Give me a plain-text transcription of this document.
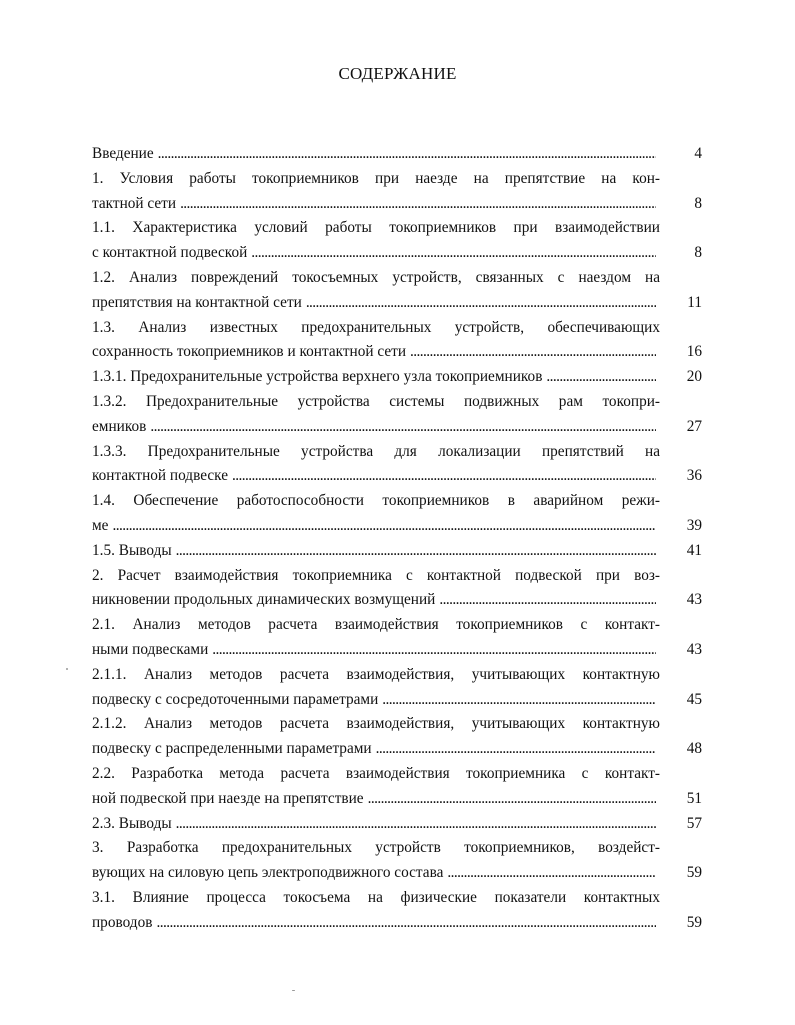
СОДЕРЖАНИЕ
Введение . . .	4
1. Условия работы токоприемников при наезде на препятствие на кон-
тактной сети . . .	8
1.1. Характеристика условий работы токоприемников при взаимодействии
с контактной подвеской . . .	8
1.2. Анализ повреждений токосъемных устройств, связанных с наездом на
препятствия на контактной сети . . .	11
1.3. Анализ известных предохранительных устройств, обеспечивающих
сохранность токоприемников и контактной сети . . .	16
1.3.1. Предохранительные устройства верхнего узла токоприемников . . .	20
1.3.2. Предохранительные устройства системы подвижных рам токопри-
емников . . .	27
1.3.3. Предохранительные устройства для локализации препятствий на
контактной подвеске . . .	36
1.4. Обеспечение работоспособности токоприемников в аварийном режи-
ме . . .	39
1.5. Выводы . . .	41
2. Расчет взаимодействия токоприемника с контактной подвеской при воз-
никновении продольных динамических возмущений . . .	43
2.1. Анализ методов расчета взаимодействия токоприемников с контакт-
ными подвесками . . .	43
2.1.1. Анализ методов расчета взаимодействия, учитывающих контактную
подвеску с сосредоточенными параметрами . . .	45
2.1.2. Анализ методов расчета взаимодействия, учитывающих контактную
подвеску с распределенными параметрами . . .	48
2.2. Разработка метода расчета взаимодействия токоприемника с контакт-
ной подвеской при наезде на препятствие . . .	51
2.3. Выводы . . .	57
3. Разработка предохранительных устройств токоприемников, воздейст-
вующих на силовую цепь электроподвижного состава . . .	59
3.1. Влияние процесса токосъема на физические показатели контактных
проводов . . .	59
